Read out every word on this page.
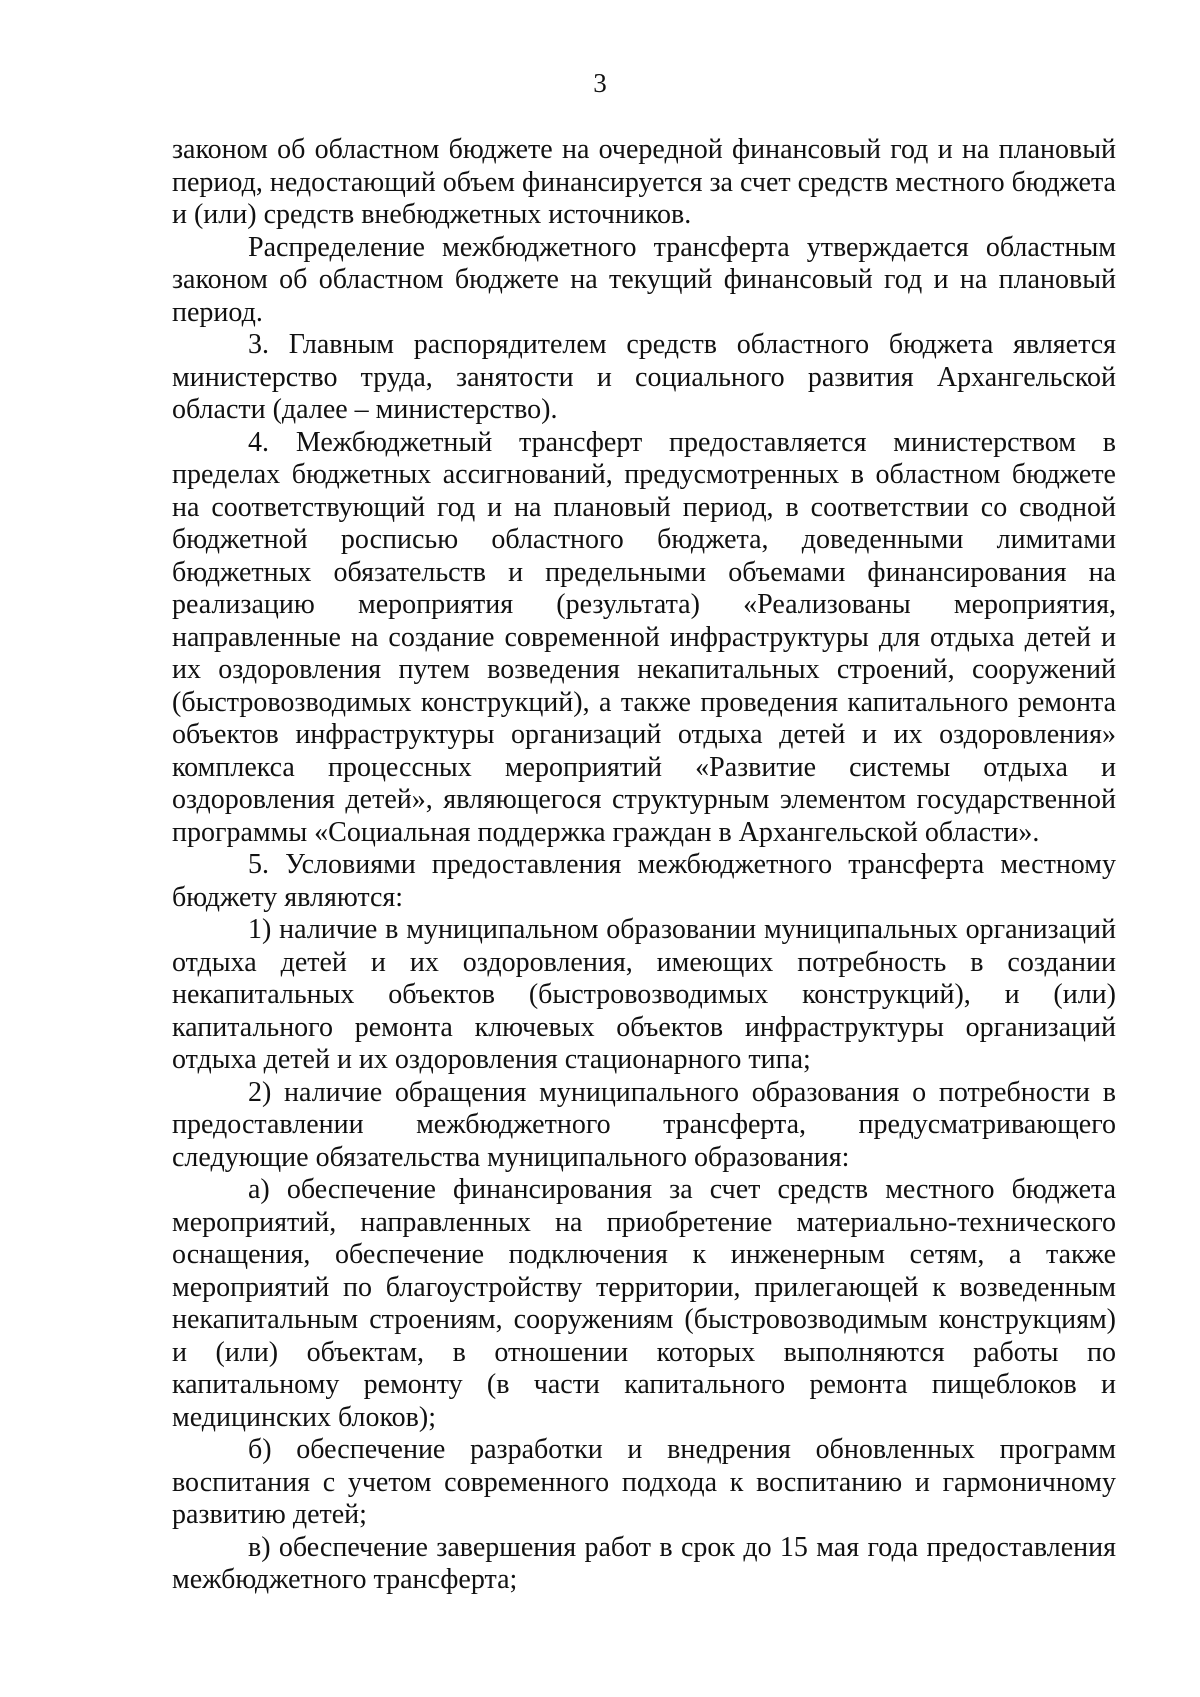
3

законом об областном бюджете на очередной финансовый год и на плановый период, недостающий объем финансируется за счет средств местного бюджета и (или) средств внебюджетных источников.

Распределение межбюджетного трансферта утверждается областным законом об областном бюджете на текущий финансовый год и на плановый период.

3. Главным распорядителем средств областного бюджета является министерство труда, занятости и социального развития Архангельской области (далее – министерство).

4. Межбюджетный трансферт предоставляется министерством в пределах бюджетных ассигнований, предусмотренных в областном бюджете на соответствующий год и на плановый период, в соответствии со сводной бюджетной росписью областного бюджета, доведенными лимитами бюджетных обязательств и предельными объемами финансирования на реализацию мероприятия (результата) «Реализованы мероприятия, направленные на создание современной инфраструктуры для отдыха детей и их оздоровления путем возведения некапитальных строений, сооружений (быстровозводимых конструкций), а также проведения капитального ремонта объектов инфраструктуры организаций отдыха детей и их оздоровления» комплекса процессных мероприятий «Развитие системы отдыха и оздоровления детей», являющегося структурным элементом государственной программы «Социальная поддержка граждан в Архангельской области».

5. Условиями предоставления межбюджетного трансферта местному бюджету являются:

1) наличие в муниципальном образовании муниципальных организаций отдыха детей и их оздоровления, имеющих потребность в создании некапитальных объектов (быстровозводимых конструкций), и (или) капитального ремонта ключевых объектов инфраструктуры организаций отдыха детей и их оздоровления стационарного типа;

2) наличие обращения муниципального образования о потребности в предоставлении межбюджетного трансферта, предусматривающего следующие обязательства муниципального образования:

а) обеспечение финансирования за счет средств местного бюджета мероприятий, направленных на приобретение материально-технического оснащения, обеспечение подключения к инженерным сетям, а также мероприятий по благоустройству территории, прилегающей к возведенным некапитальным строениям, сооружениям (быстровозводимым конструкциям) и (или) объектам, в отношении которых выполняются работы по капитальному ремонту (в части капитального ремонта пищеблоков и медицинских блоков);

б) обеспечение разработки и внедрения обновленных программ воспитания с учетом современного подхода к воспитанию и гармоничному развитию детей;

в) обеспечение завершения работ в срок до 15 мая года предоставления межбюджетного трансферта;
